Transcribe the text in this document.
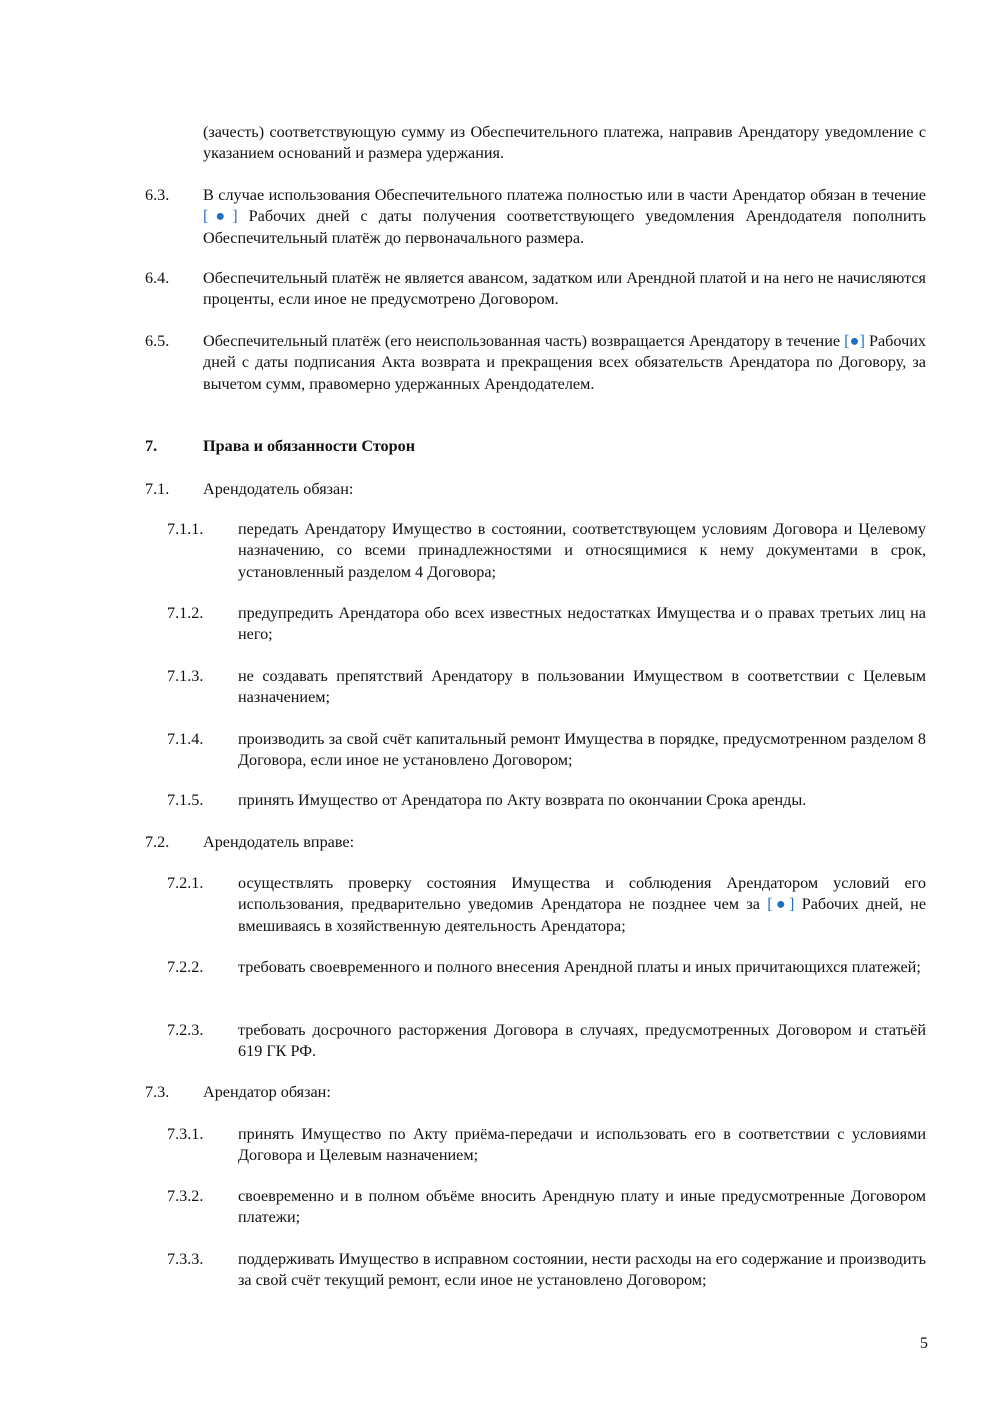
(зачесть) соответствующую сумму из Обеспечительного платежа, направив Арендатору уведомление с указанием оснований и размера удержания.
6.3. В случае использования Обеспечительного платежа полностью или в части Арендатор обязан в течение [●] Рабочих дней с даты получения соответствующего уведомления Арендодателя пополнить Обеспечительный платёж до первоначального размера.
6.4. Обеспечительный платёж не является авансом, задатком или Арендной платой и на него не начисляются проценты, если иное не предусмотрено Договором.
6.5. Обеспечительный платёж (его неиспользованная часть) возвращается Арендатору в течение [●] Рабочих дней с даты подписания Акта возврата и прекращения всех обязательств Арендатора по Договору, за вычетом сумм, правомерно удержанных Арендодателем.
7.	Права и обязанности Сторон
7.1. Арендодатель обязан:
7.1.1. передать Арендатору Имущество в состоянии, соответствующем условиям Договора и Целевому назначению, со всеми принадлежностями и относящимися к нему документами в срок, установленный разделом 4 Договора;
7.1.2. предупредить Арендатора обо всех известных недостатках Имущества и о правах третьих лиц на него;
7.1.3. не создавать препятствий Арендатору в пользовании Имуществом в соответствии с Целевым назначением;
7.1.4. производить за свой счёт капитальный ремонт Имущества в порядке, предусмотренном разделом 8 Договора, если иное не установлено Договором;
7.1.5. принять Имущество от Арендатора по Акту возврата по окончании Срока аренды.
7.2. Арендодатель вправе:
7.2.1. осуществлять проверку состояния Имущества и соблюдения Арендатором условий его использования, предварительно уведомив Арендатора не позднее чем за [●] Рабочих дней, не вмешиваясь в хозяйственную деятельность Арендатора;
7.2.2. требовать своевременного и полного внесения Арендной платы и иных причитающихся платежей;
7.2.3. требовать досрочного расторжения Договора в случаях, предусмотренных Договором и статьёй 619 ГК РФ.
7.3. Арендатор обязан:
7.3.1. принять Имущество по Акту приёма-передачи и использовать его в соответствии с условиями Договора и Целевым назначением;
7.3.2. своевременно и в полном объёме вносить Арендную плату и иные предусмотренные Договором платежи;
7.3.3. поддерживать Имущество в исправном состоянии, нести расходы на его содержание и производить за свой счёт текущий ремонт, если иное не установлено Договором;
5
